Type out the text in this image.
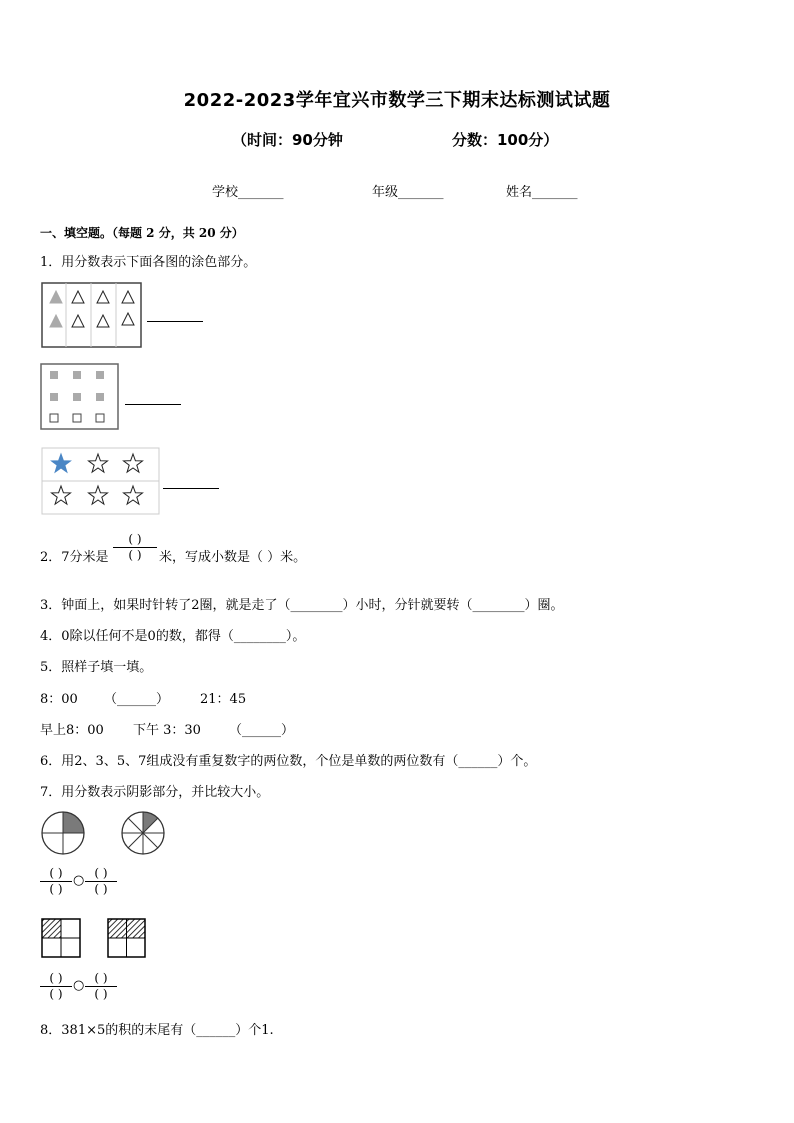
2022-2023学年宜兴市数学三下期末达标测试试题
（时间：90分钟	分数：100分）
学校_______	年级_______	姓名_______
一、填空题。（每题 2 分，共 20 分）
1．用分数表示下面各图的涂色部分。
2．7分米是
( )
( )	米，写成小数是（ ）米。
3．钟面上，如果时针转了2圈，就是走了（________）小时，分针就要转（________）圈。
4．0除以任何不是0的数，都得（________）。
5．照样子填一填。
8：00 （______） 21：45
早上8：00 下午 3：30 （______）
6．用2、3、5、7组成没有重复数字的两位数，个位是单数的两位数有（______）个。
7．用分数表示阴影部分，并比较大小。
( )
( )
○ ( )
( )
( )
( )
○ ( )
( )
8．381×5的积的末尾有（______）个1.
